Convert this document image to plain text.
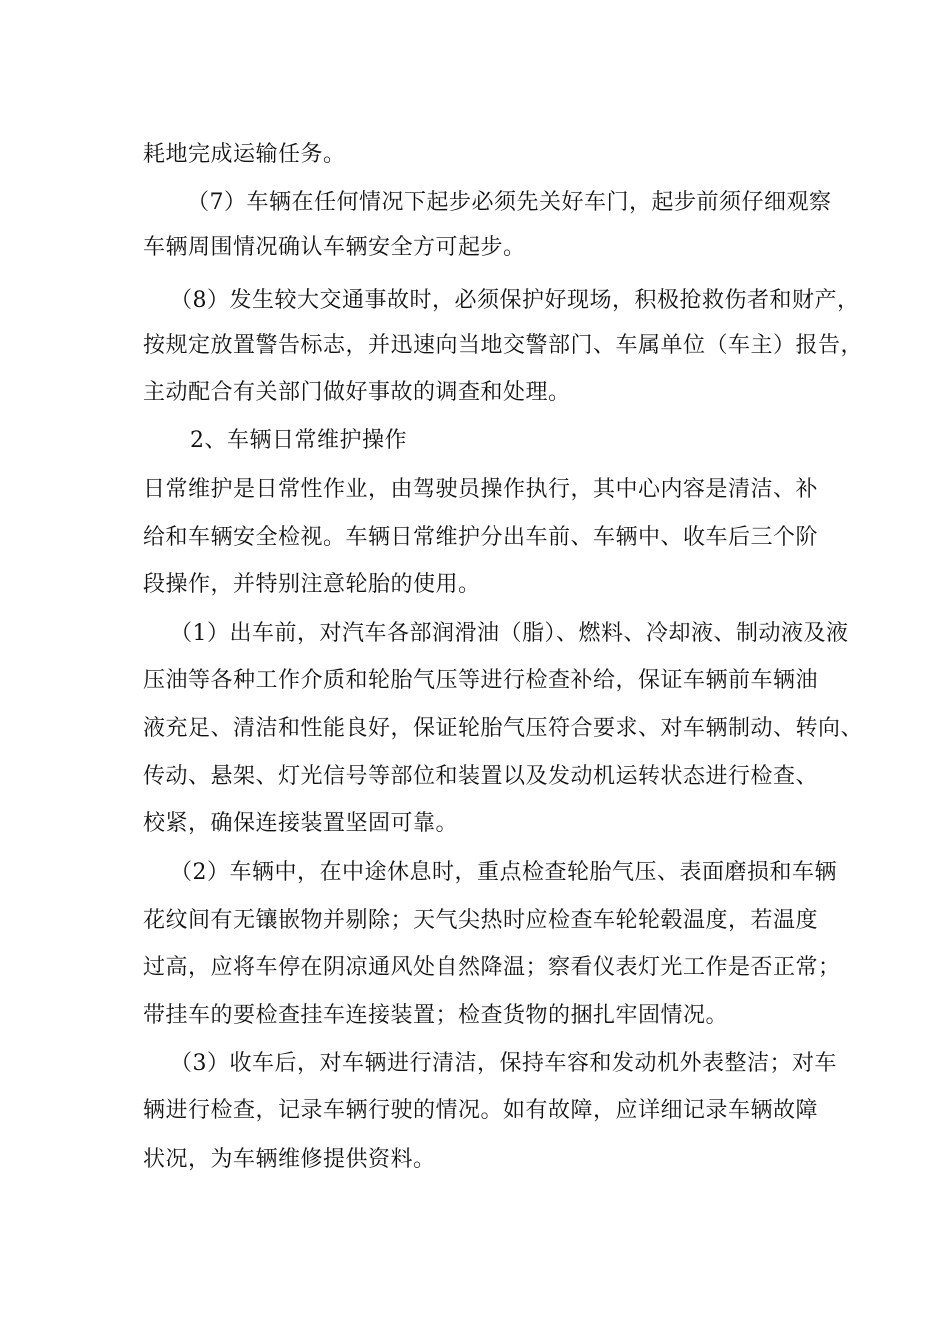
耗地完成运输任务。
（7）车辆在任何情况下起步必须先关好车门，起步前须仔细观察
车辆周围情况确认车辆安全方可起步。
（8）发生较大交通事故时，必须保护好现场，积极抢救伤者和财产，
按规定放置警告标志，并迅速向当地交警部门、车属单位（车主）报告，
主动配合有关部门做好事故的调查和处理。
2、车辆日常维护操作
日常维护是日常性作业，由驾驶员操作执行，其中心内容是清洁、补
给和车辆安全检视。车辆日常维护分出车前、车辆中、收车后三个阶
段操作，并特别注意轮胎的使用。
（1）出车前，对汽车各部润滑油（脂）、燃料、冷却液、制动液及液
压油等各种工作介质和轮胎气压等进行检查补给，保证车辆前车辆油
液充足、清洁和性能良好，保证轮胎气压符合要求、对车辆制动、转向、
传动、悬架、灯光信号等部位和装置以及发动机运转状态进行检查、
校紧，确保连接装置坚固可靠。
（2）车辆中，在中途休息时，重点检查轮胎气压、表面磨损和车辆
花纹间有无镶嵌物并剔除；天气尖热时应检查车轮轮毂温度，若温度
过高，应将车停在阴凉通风处自然降温；察看仪表灯光工作是否正常；
带挂车的要检查挂车连接装置；检查货物的捆扎牢固情况。
（3）收车后，对车辆进行清洁，保持车容和发动机外表整洁；对车
辆进行检查，记录车辆行驶的情况。如有故障，应详细记录车辆故障
状况，为车辆维修提供资料。
